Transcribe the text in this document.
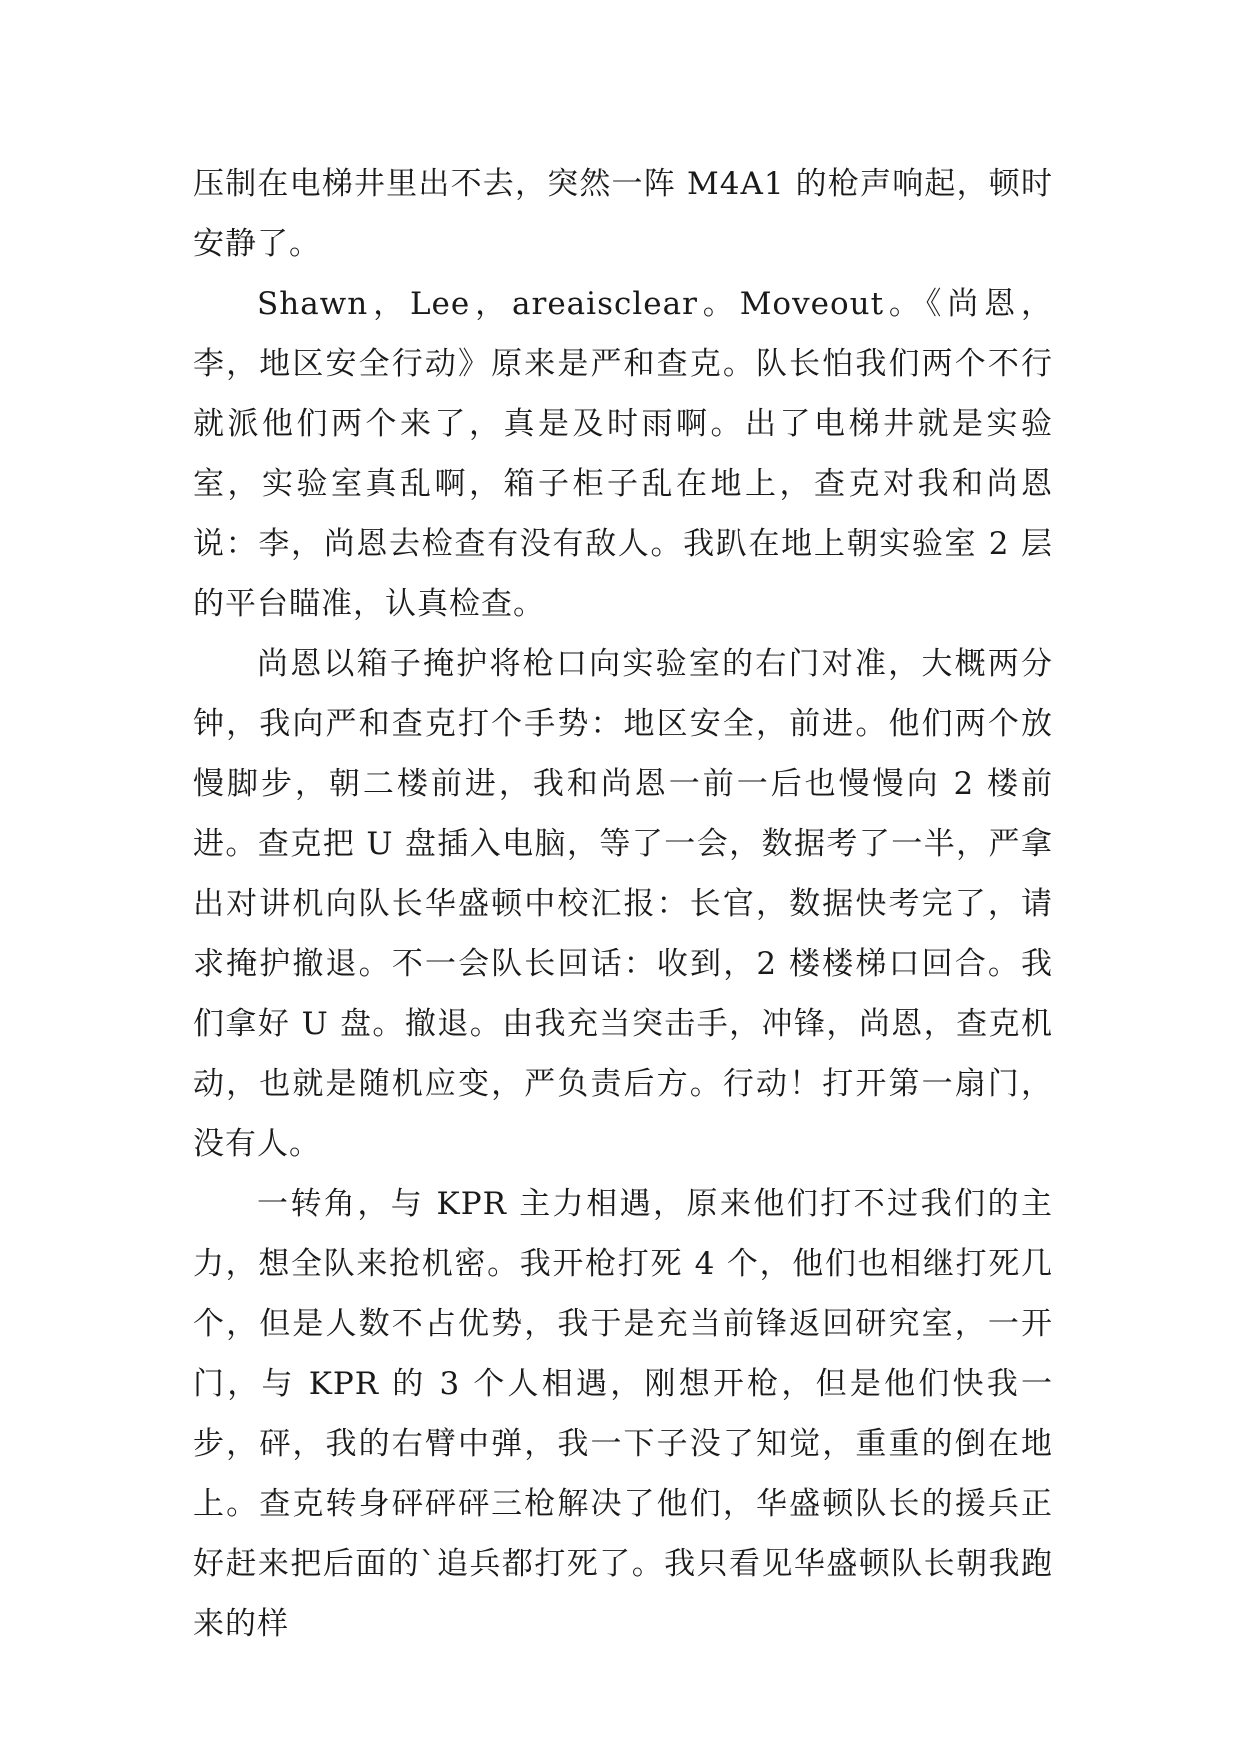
压制在电梯井里出不去，突然一阵 M4A1 的枪声响起，顿时安静了。

Shawn，Lee，areaisclear。Moveout。《尚恩，李，地区安全行动》原来是严和查克。队长怕我们两个不行就派他们两个来了，真是及时雨啊。出了电梯井就是实验室，实验室真乱啊，箱子柜子乱在地上，查克对我和尚恩说：李，尚恩去检查有没有敌人。我趴在地上朝实验室 2 层的平台瞄准，认真检查。

尚恩以箱子掩护将枪口向实验室的右门对准，大概两分钟，我向严和查克打个手势：地区安全，前进。他们两个放慢脚步，朝二楼前进，我和尚恩一前一后也慢慢向 2 楼前进。查克把 U 盘插入电脑，等了一会，数据考了一半，严拿出对讲机向队长华盛顿中校汇报：长官，数据快考完了，请求掩护撤退。不一会队长回话：收到，2 楼楼梯口回合。我们拿好 U 盘。撤退。由我充当突击手，冲锋，尚恩，查克机动，也就是随机应变，严负责后方。行动！打开第一扇门，没有人。

一转角，与 KPR 主力相遇，原来他们打不过我们的主力，想全队来抢机密。我开枪打死 4 个，他们也相继打死几个，但是人数不占优势，我于是充当前锋返回研究室，一开门，与 KPR 的 3 个人相遇，刚想开枪，但是他们快我一步，砰，我的右臂中弹，我一下子没了知觉，重重的倒在地上。查克转身砰砰砰三枪解决了他们，华盛顿队长的援兵正好赶来把后面的`追兵都打死了。我只看见华盛顿队长朝我跑来的样
